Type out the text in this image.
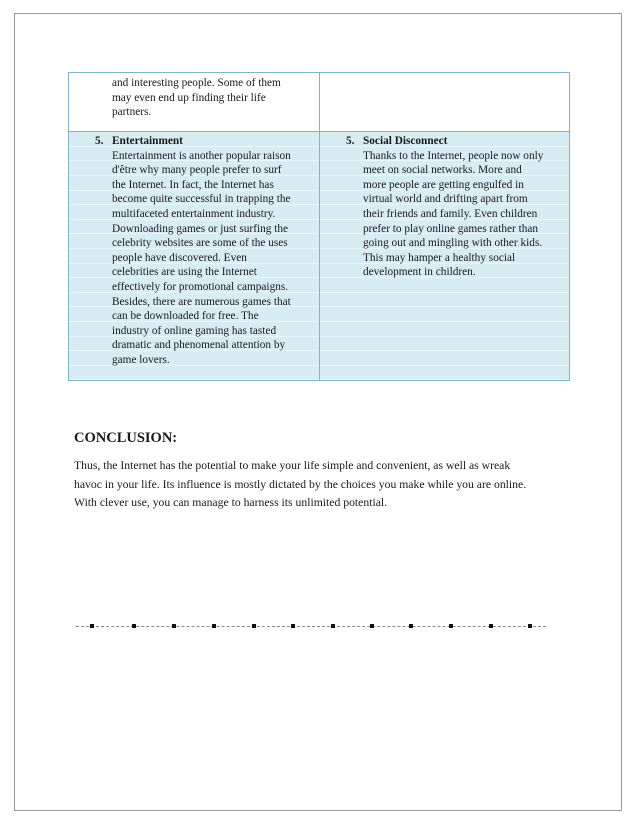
and interesting people. Some of them
may even end up finding their life
partners.
5. Entertainment
Entertainment is another popular raison
d'être why many people prefer to surf
the Internet. In fact, the Internet has
become quite successful in trapping the
multifaceted entertainment industry.
Downloading games or just surfing the
celebrity websites are some of the uses
people have discovered. Even
celebrities are using the Internet
effectively for promotional campaigns.
Besides, there are numerous games that
can be downloaded for free. The
industry of online gaming has tasted
dramatic and phenomenal attention by
game lovers.
5. Social Disconnect
Thanks to the Internet, people now only
meet on social networks. More and
more people are getting engulfed in
virtual world and drifting apart from
their friends and family. Even children
prefer to play online games rather than
going out and mingling with other kids.
This may hamper a healthy social
development in children.
CONCLUSION:
Thus, the Internet has the potential to make your life simple and convenient, as well as wreak
havoc in your life. Its influence is mostly dictated by the choices you make while you are online.
With clever use, you can manage to harness its unlimited potential.
